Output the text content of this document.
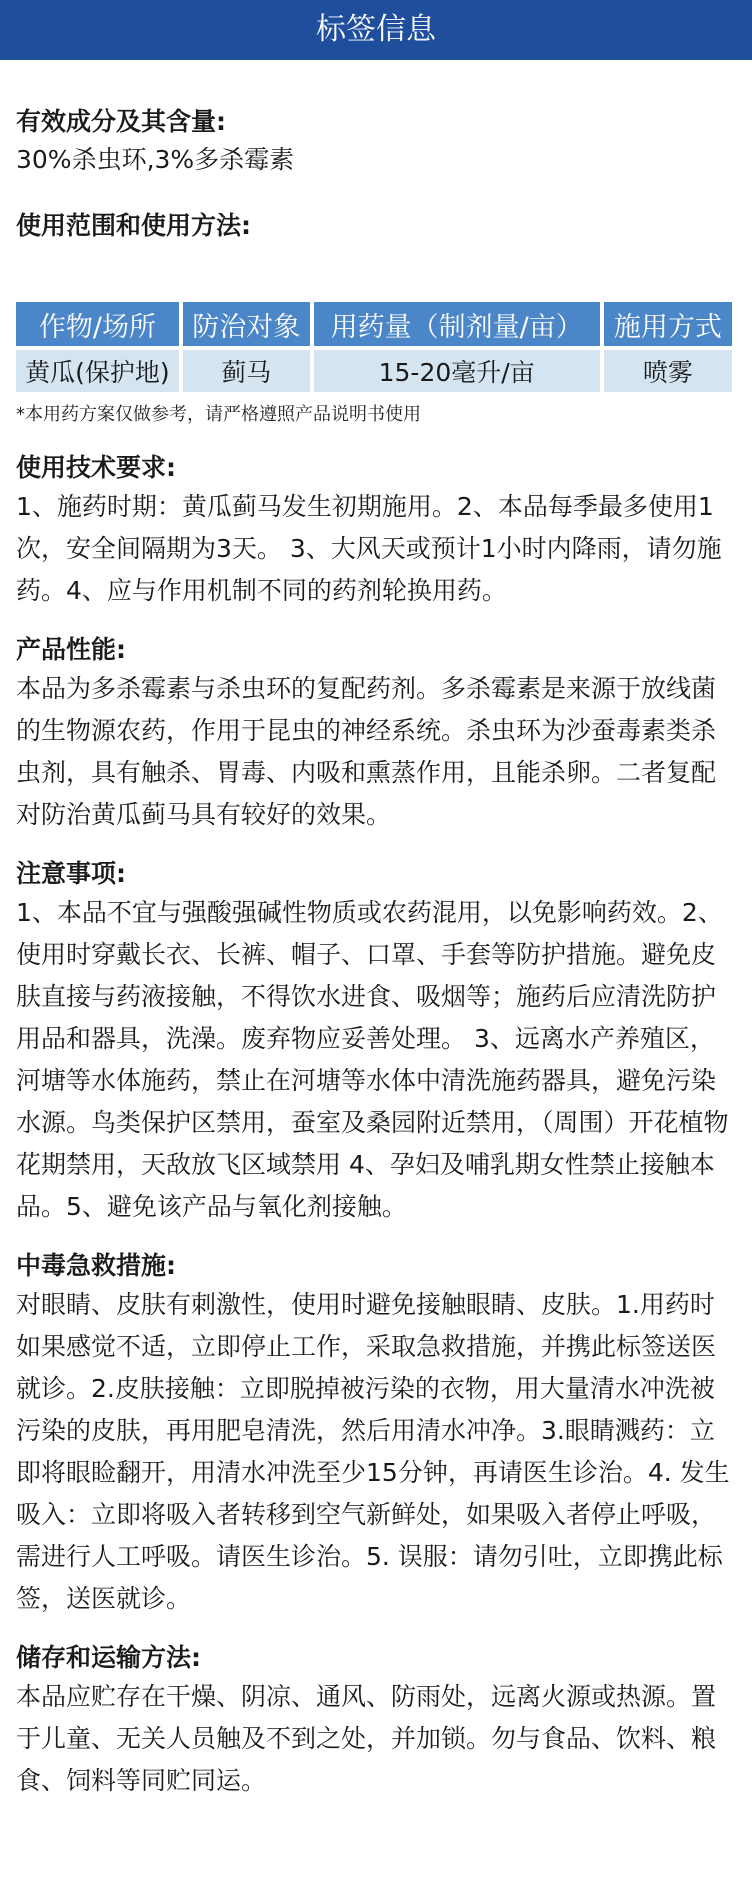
标签信息

有效成分及其含量:

30%杀虫环,3%多杀霉素

使用范围和使用方法:

作物/场所	防治对象	用药量（制剂量/亩）	施用方式
黄瓜(保护地)	蓟马	15-20毫升/亩	喷雾
*本用药方案仅做参考，请严格遵照产品说明书使用

使用技术要求:

1、施药时期：黄瓜蓟马发生初期施用。2、本品每季最多使用1次，安全间隔期为3天。 3、大风天或预计1小时内降雨，请勿施药。4、应与作用机制不同的药剂轮换用药。

产品性能:

本品为多杀霉素与杀虫环的复配药剂。多杀霉素是来源于放线菌的生物源农药，作用于昆虫的神经系统。杀虫环为沙蚕毒素类杀虫剂，具有触杀、胃毒、内吸和熏蒸作用，且能杀卵。二者复配对防治黄瓜蓟马具有较好的效果。

注意事项:

1、本品不宜与强酸强碱性物质或农药混用，以免影响药效。2、使用时穿戴长衣、长裤、帽子、口罩、手套等防护措施。避免皮肤直接与药液接触，不得饮水进食、吸烟等；施药后应清洗防护用品和器具，洗澡。废弃物应妥善处理。 3、远离水产养殖区，河塘等水体施药，禁止在河塘等水体中清洗施药器具，避免污染水源。鸟类保护区禁用，蚕室及桑园附近禁用，（周围）开花植物花期禁用，天敌放飞区域禁用 4、孕妇及哺乳期女性禁止接触本品。5、避免该产品与氧化剂接触。

中毒急救措施:

对眼睛、皮肤有刺激性，使用时避免接触眼睛、皮肤。1.用药时如果感觉不适，立即停止工作，采取急救措施，并携此标签送医就诊。2.皮肤接触：立即脱掉被污染的衣物，用大量清水冲洗被污染的皮肤，再用肥皂清洗，然后用清水冲净。3.眼睛溅药：立即将眼睑翻开，用清水冲洗至少15分钟，再请医生诊治。4. 发生吸入：立即将吸入者转移到空气新鲜处，如果吸入者停止呼吸，需进行人工呼吸。请医生诊治。5. 误服：请勿引吐，立即携此标签，送医就诊。

储存和运输方法:

本品应贮存在干燥、阴凉、通风、防雨处，远离火源或热源。置于儿童、无关人员触及不到之处，并加锁。勿与食品、饮料、粮食、饲料等同贮同运。
